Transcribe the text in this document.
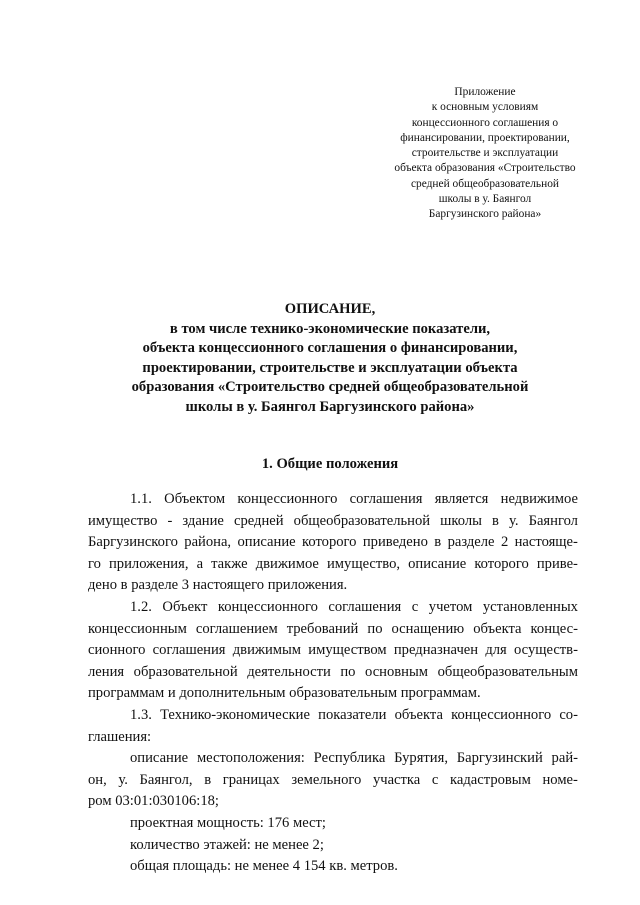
Приложение
к основным условиям
концессионного соглашения о
финансировании, проектировании,
строительстве и эксплуатации
объекта образования «Строительство
средней общеобразовательной
школы в у. Баянгол
Баргузинского района»
ОПИСАНИЕ,
в том числе технико-экономические показатели,
объекта концессионного соглашения о финансировании,
проектировании, строительстве и эксплуатации объекта
образования «Строительство средней общеобразовательной
школы в у. Баянгол Баргузинского района»
1. Общие положения
1.1. Объектом концессионного соглашения является недвижимое
имущество - здание средней общеобразовательной школы в у. Баянгол
Баргузинского района, описание которого приведено в разделе 2 настояще-
го приложения, а также движимое имущество, описание которого приве-
дено в разделе 3 настоящего приложения.
1.2. Объект концессионного соглашения с учетом установленных
концессионным соглашением требований по оснащению объекта концес-
сионного соглашения движимым имуществом предназначен для осуществ-
ления образовательной деятельности по основным общеобразовательным
программам и дополнительным образовательным программам.
1.3. Технико-экономические показатели объекта концессионного со-
глашения:
описание местоположения: Республика Бурятия, Баргузинский рай-
он, у. Баянгол, в границах земельного участка с кадастровым номе-
ром 03:01:030106:18;
проектная мощность: 176 мест;
количество этажей: не менее 2;
общая площадь: не менее 4 154 кв. метров.
